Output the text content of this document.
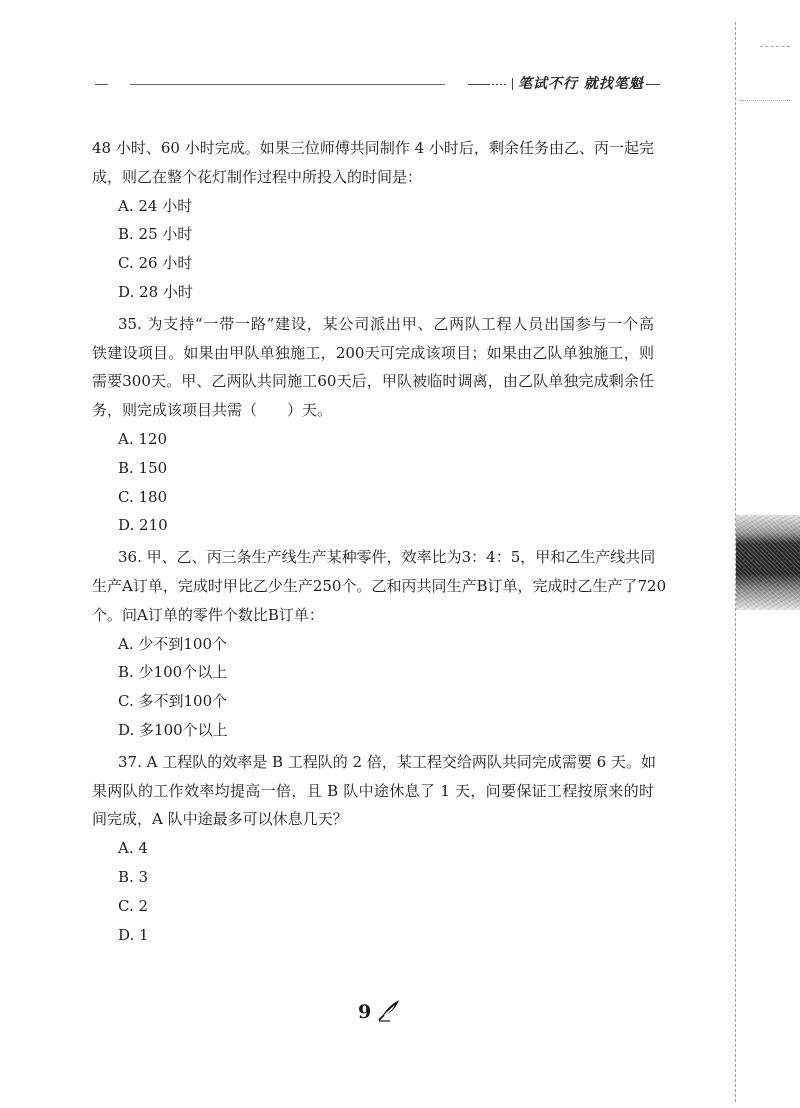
笔试不行 就找笔魁
48 小时、60 小时完成。如果三位师傅共同制作 4 小时后，剩余任务由乙、丙一起完
成，则乙在整个花灯制作过程中所投入的时间是：
A. 24 小时
B. 25 小时
C. 26 小时
D. 28 小时
35. 为支持“一带一路”建设，某公司派出甲、乙两队工程人员出国参与一个高
铁建设项目。如果由甲队单独施工，200天可完成该项目；如果由乙队单独施工，则
需要300天。甲、乙两队共同施工60天后，甲队被临时调离，由乙队单独完成剩余任
务，则完成该项目共需（　　）天。
A. 120
B. 150
C. 180
D. 210
36. 甲、乙、丙三条生产线生产某种零件，效率比为3：4：5，甲和乙生产线共同
生产A订单，完成时甲比乙少生产250个。乙和丙共同生产B订单，完成时乙生产了720
个。问A订单的零件个数比B订单：
A. 少不到100个
B. 少100个以上
C. 多不到100个
D. 多100个以上
37. A 工程队的效率是 B 工程队的 2 倍，某工程交给两队共同完成需要 6 天。如
果两队的工作效率均提高一倍，且 B 队中途休息了 1 天，问要保证工程按原来的时
间完成，A 队中途最多可以休息几天？
A. 4
B. 3
C. 2
D. 1
9
